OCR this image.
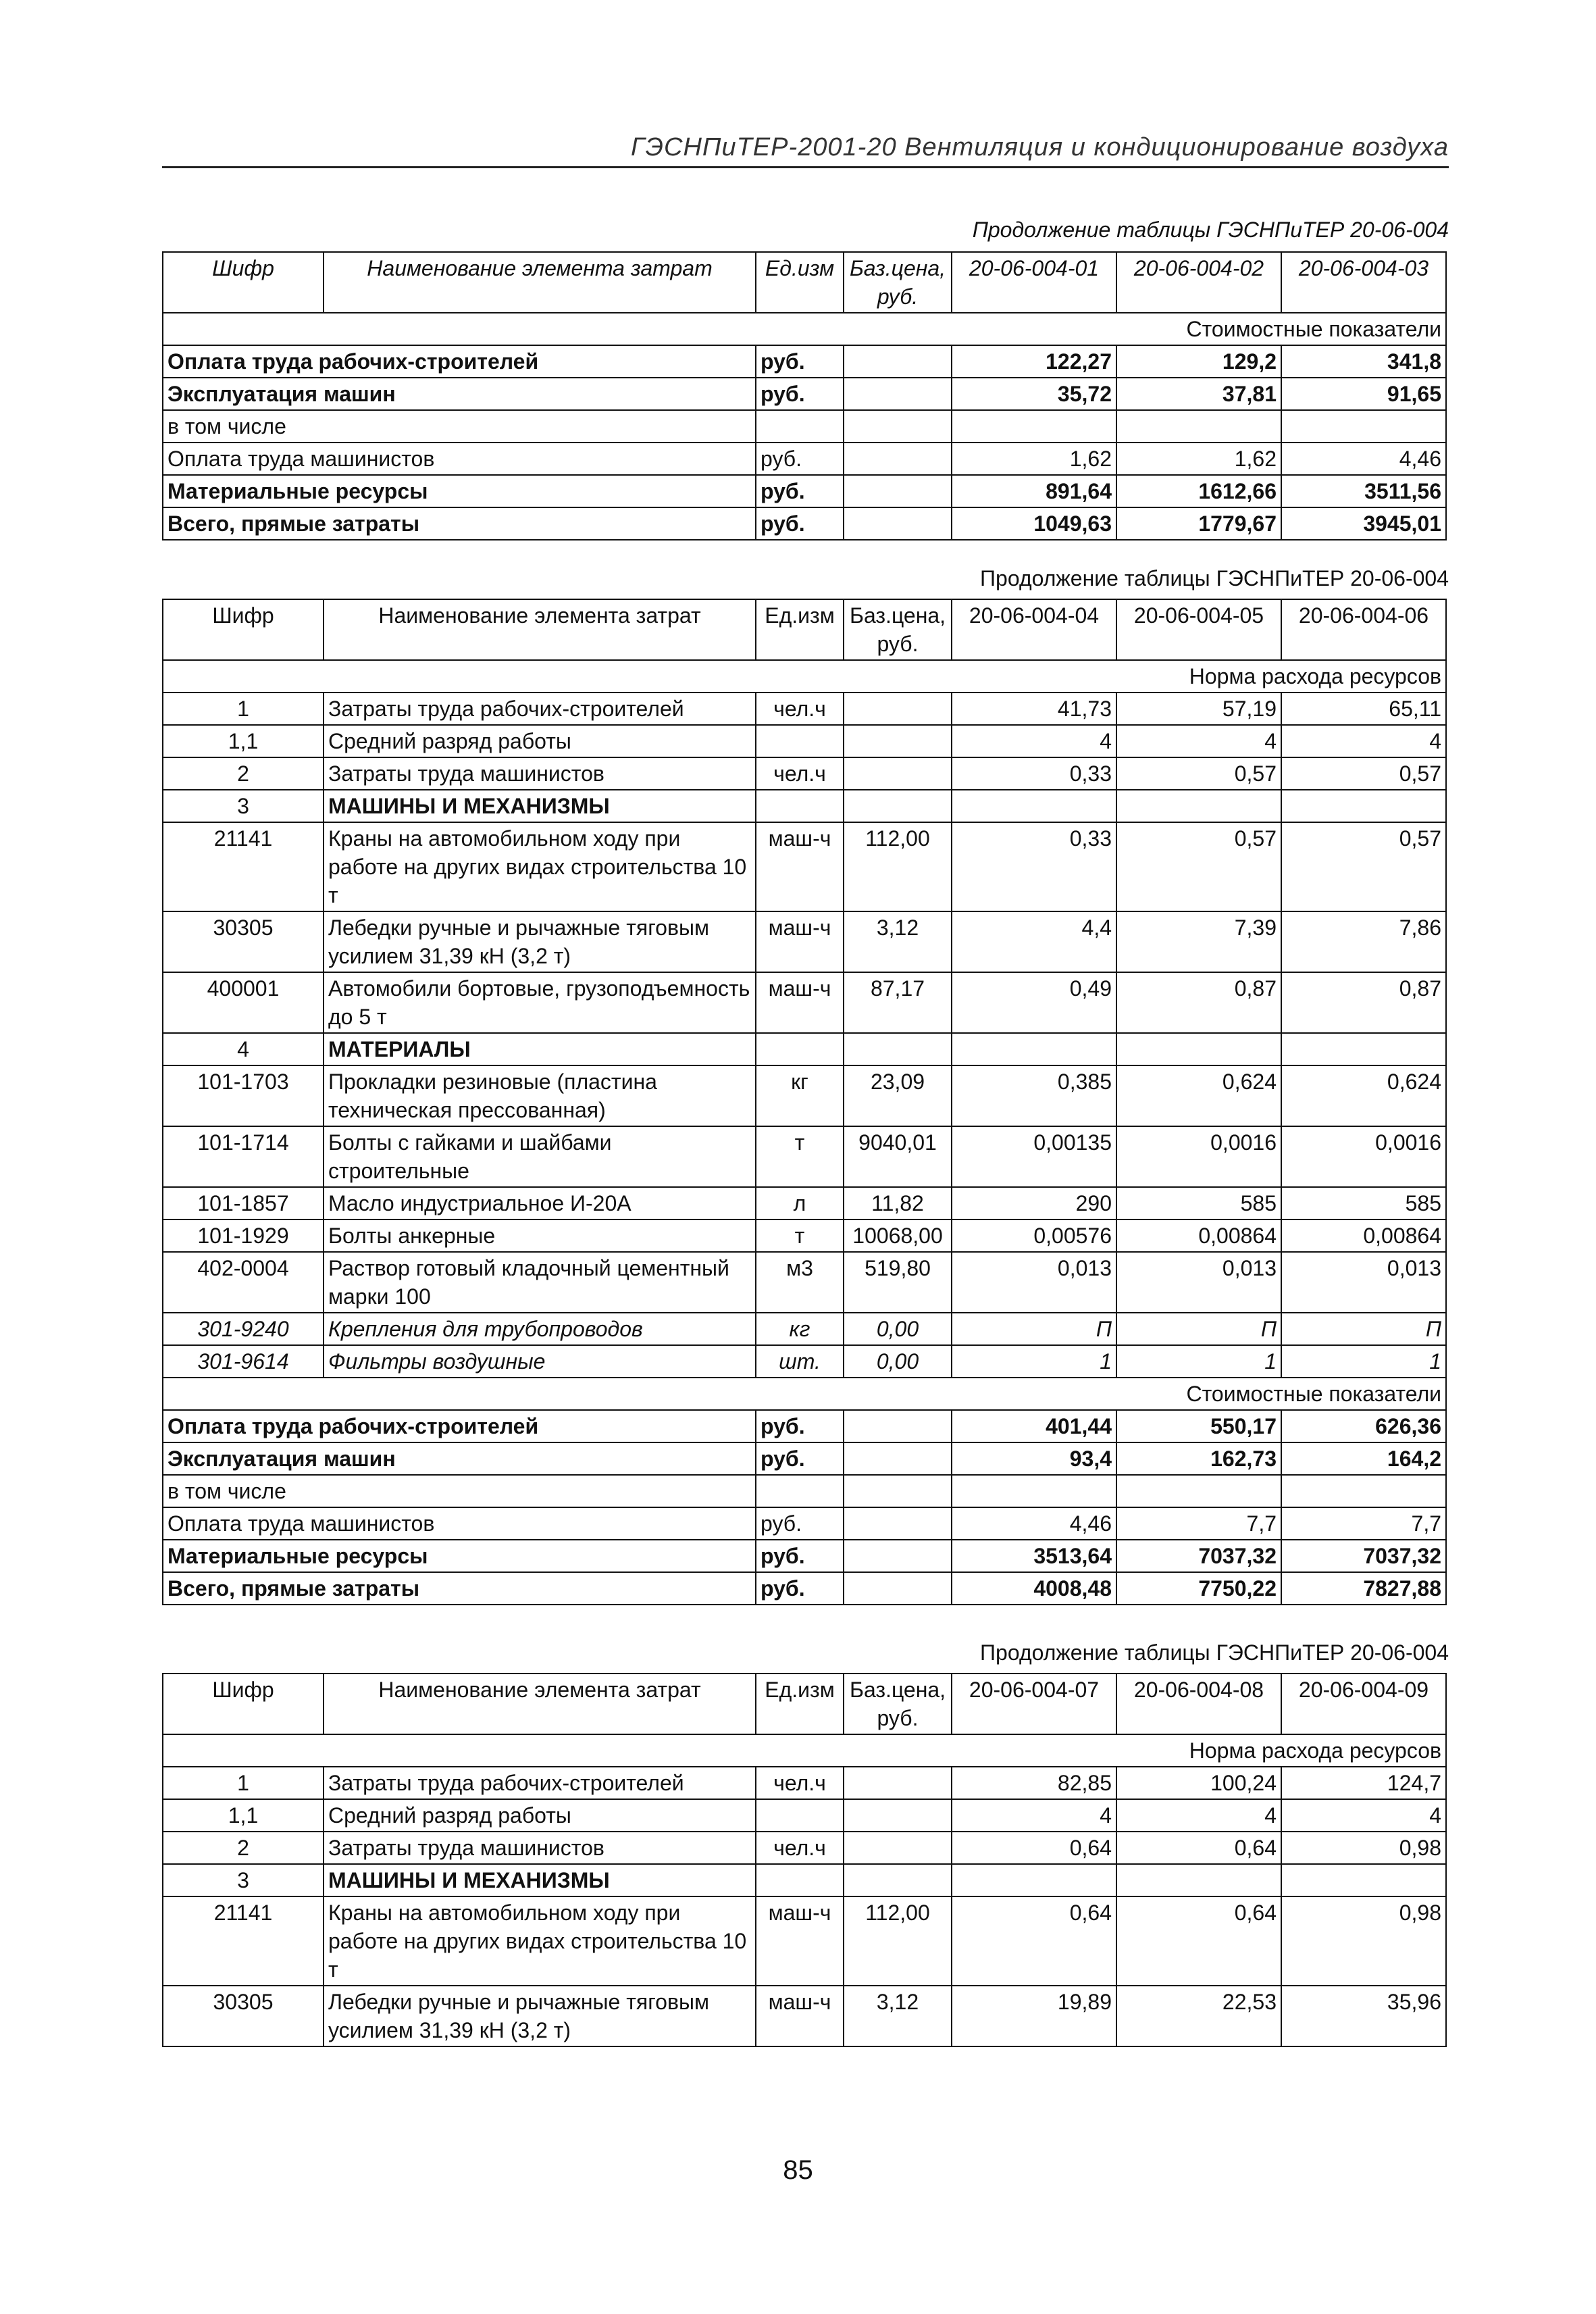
ГЭСНПиТЕР-2001-20 Вентиляция и кондиционирование воздуха
Продолжение таблицы ГЭСНПиТЕР 20-06-004
Шифр	Наименование элемента затрат	Ед.изм	Баз.цена, руб.	20-06-004-01	20-06-004-02	20-06-004-03
Стоимостные показатели						
Оплата труда рабочих-строителей		руб.		122,27	129,2	341,8
Эксплуатация машин		руб.		35,72	37,81	91,65
в том числе						
Оплата труда машинистов		руб.		1,62	1,62	4,46
Материальные ресурсы		руб.		891,64	1612,66	3511,56
Всего, прямые затраты		руб.		1049,63	1779,67	3945,01
Продолжение таблицы ГЭСНПиТЕР 20-06-004
Шифр	Наименование элемента затрат	Ед.изм	Баз.цена, руб.	20-06-004-04	20-06-004-05	20-06-004-06
Норма расхода ресурсов						
1	Затраты труда рабочих-строителей	чел.ч		41,73	57,19	65,11
1,1	Средний разряд работы			4	4	4
2	Затраты труда машинистов	чел.ч		0,33	0,57	0,57
3	МАШИНЫ И МЕХАНИЗМЫ					
21141	Краны на автомобильном ходу при работе на других видах строительства 10 т	маш-ч	112,00	0,33	0,57	0,57
30305	Лебедки ручные и рычажные тяговым усилием 31,39 кН (3,2 т)	маш-ч	3,12	4,4	7,39	7,86
400001	Автомобили бортовые, грузоподъемность до 5 т	маш-ч	87,17	0,49	0,87	0,87
4	МАТЕРИАЛЫ					
101-1703	Прокладки резиновые (пластина техническая прессованная)	кг	23,09	0,385	0,624	0,624
101-1714	Болты с гайками и шайбами строительные	т	9040,01	0,00135	0,0016	0,0016
101-1857	Масло индустриальное И-20А	л	11,82	290	585	585
101-1929	Болты анкерные	т	10068,00	0,00576	0,00864	0,00864
402-0004	Раствор готовый кладочный цементный марки 100	м3	519,80	0,013	0,013	0,013
301-9240	Крепления для трубопроводов	кг	0,00	П	П	П
301-9614	Фильтры воздушные	шт.	0,00	1	1	1
Стоимостные показатели						
Оплата труда рабочих-строителей		руб.		401,44	550,17	626,36
Эксплуатация машин		руб.		93,4	162,73	164,2
в том числе						
Оплата труда машинистов		руб.		4,46	7,7	7,7
Материальные ресурсы		руб.		3513,64	7037,32	7037,32
Всего, прямые затраты		руб.		4008,48	7750,22	7827,88
Продолжение таблицы ГЭСНПиТЕР 20-06-004
Шифр	Наименование элемента затрат	Ед.изм	Баз.цена, руб.	20-06-004-07	20-06-004-08	20-06-004-09
Норма расхода ресурсов						
1	Затраты труда рабочих-строителей	чел.ч		82,85	100,24	124,7
1,1	Средний разряд работы			4	4	4
2	Затраты труда машинистов	чел.ч		0,64	0,64	0,98
3	МАШИНЫ И МЕХАНИЗМЫ					
21141	Краны на автомобильном ходу при работе на других видах строительства 10 т	маш-ч	112,00	0,64	0,64	0,98
30305	Лебедки ручные и рычажные тяговым усилием 31,39 кН (3,2 т)	маш-ч	3,12	19,89	22,53	35,96
85
